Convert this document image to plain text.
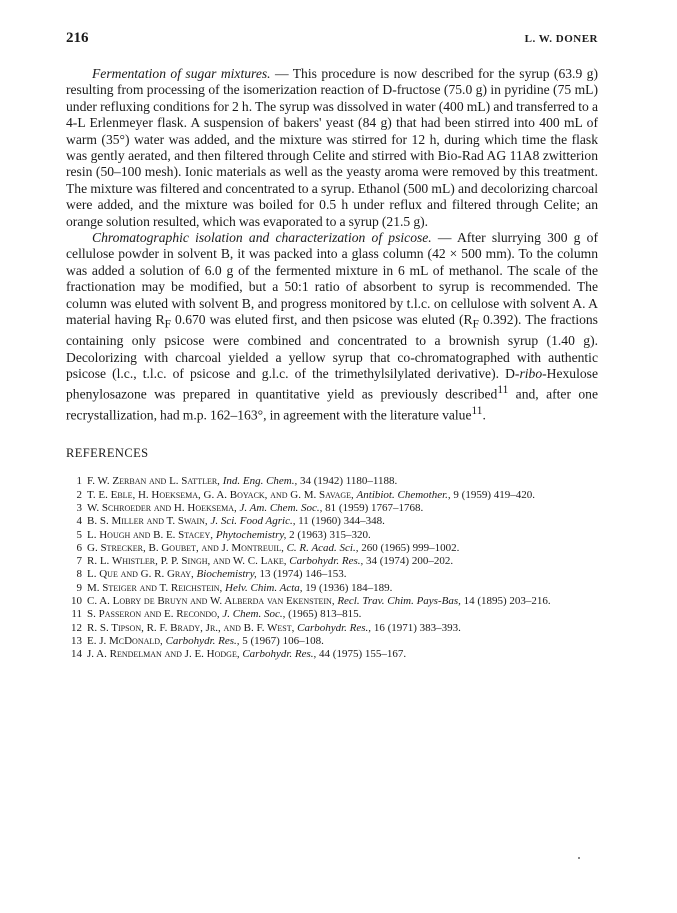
216	L. W. DONER

Fermentation of sugar mixtures. — This procedure is now described for the syrup (63.9 g) resulting from processing of the isomerization reaction of D-fructose (75.0 g) in pyridine (75 mL) under refluxing conditions for 2 h. The syrup was dissolved in water (400 mL) and transferred to a 4-L Erlenmeyer flask. A suspension of bakers' yeast (84 g) that had been stirred into 400 mL of warm (35°) water was added, and the mixture was stirred for 12 h, during which time the flask was gently aerated, and then filtered through Celite and stirred with Bio-Rad AG 11A8 zwitterion resin (50–100 mesh). Ionic materials as well as the yeasty aroma were removed by this treatment. The mixture was filtered and concentrated to a syrup. Ethanol (500 mL) and decolorizing charcoal were added, and the mixture was boiled for 0.5 h under reflux and filtered through Celite; an orange solution resulted, which was evaporated to a syrup (21.5 g).

Chromatographic isolation and characterization of psicose. — After slurrying 300 g of cellulose powder in solvent B, it was packed into a glass column (42 × 500 mm). To the column was added a solution of 6.0 g of the fermented mixture in 6 mL of methanol. The scale of the fractionation may be modified, but a 50:1 ratio of absorbent to syrup is recommended. The column was eluted with solvent B, and progress monitored by t.l.c. on cellulose with solvent A. A material having $R_F$ 0.670 was eluted first, and then psicose was eluted ($R_F$ 0.392). The fractions containing only psicose were combined and concentrated to a brownish syrup (1.40 g). Decolorizing with charcoal yielded a yellow syrup that co-chromatographed with authentic psicose (l.c., t.l.c. of psicose and g.l.c. of the trimethylsilylated derivative). D-ribo-Hexulose phenylosazone was prepared in quantitative yield as previously described$^{11}$ and, after one recrystallization, had m.p. 162–163°, in agreement with the literature value$^{11}$.

REFERENCES
1 F. W. Zerban and L. Sattler, Ind. Eng. Chem., 34 (1942) 1180–1188.
2 T. E. Eble, H. Hoeksema, G. A. Boyack, and G. M. Savage, Antibiot. Chemother., 9 (1959) 419–420.
3 W. Schroeder and H. Hoeksema, J. Am. Chem. Soc., 81 (1959) 1767–1768.
4 B. S. Miller and T. Swain, J. Sci. Food Agric., 11 (1960) 344–348.
5 L. Hough and B. E. Stacey, Phytochemistry, 2 (1963) 315–320.
6 G. Strecker, B. Goubet, and J. Montreuil, C. R. Acad. Sci., 260 (1965) 999–1002.
7 R. L. Whistler, P. P. Singh, and W. C. Lake, Carbohydr. Res., 34 (1974) 200–202.
8 L. Que and G. R. Gray, Biochemistry, 13 (1974) 146–153.
9 M. Steiger and T. Reichstein, Helv. Chim. Acta, 19 (1936) 184–189.
10 C. A. Lobry de Bruyn and W. Alberda van Ekenstein, Recl. Trav. Chim. Pays-Bas, 14 (1895) 203–216.
11 S. Passeron and E. Recondo, J. Chem. Soc., (1965) 813–815.
12 R. S. Tipson, R. F. Brady, Jr., and B. F. West, Carbohydr. Res., 16 (1971) 383–393.
13 E. J. McDonald, Carbohydr. Res., 5 (1967) 106–108.
14 J. A. Rendelman and J. E. Hodge, Carbohydr. Res., 44 (1975) 155–167.
